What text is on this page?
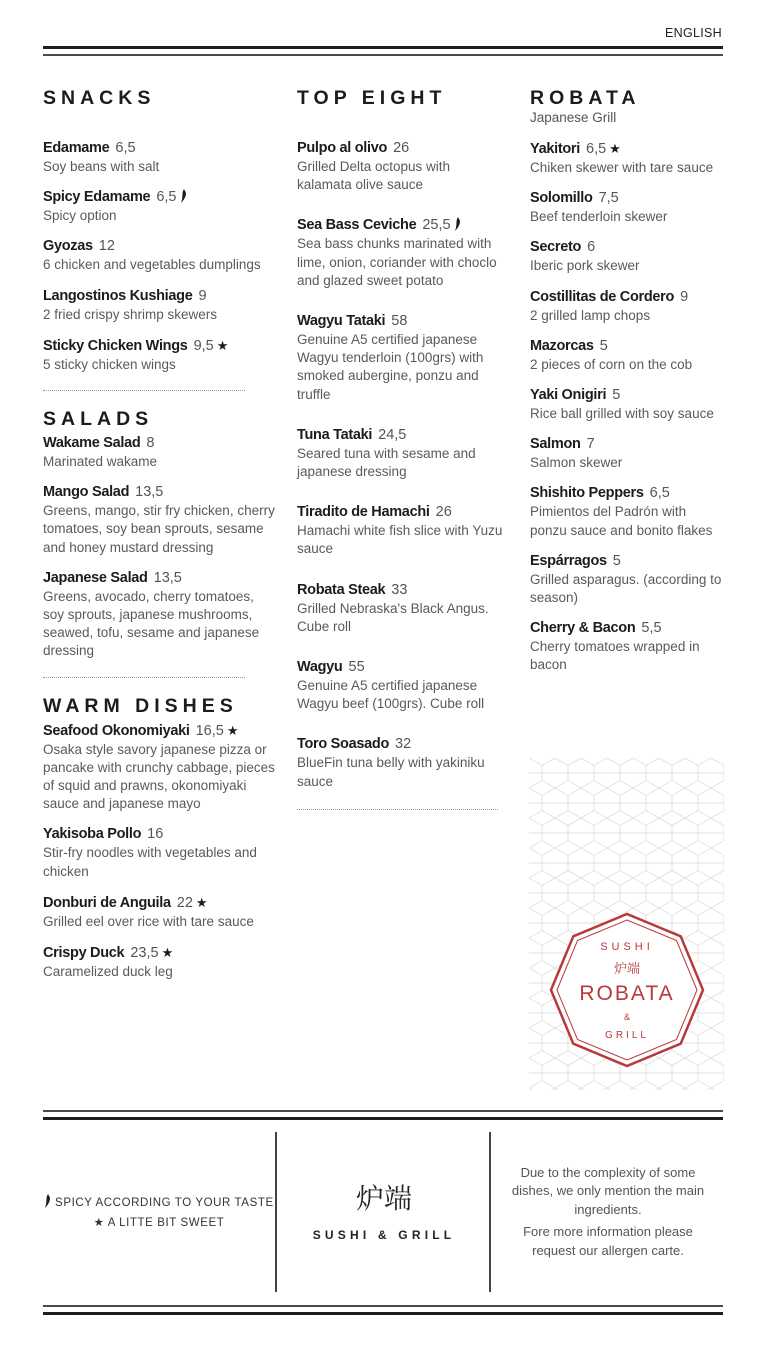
ENGLISH
SNACKS
Edamame 6,5
Soy beans with salt
Spicy Edamame 6,5
Spicy option
Gyozas 12
6 chicken and vegetables dumplings
Langostinos Kushiage 9
2 fried crispy shrimp skewers
Sticky Chicken Wings 9,5 ★
5 sticky chicken wings
SALADS
Wakame Salad 8
Marinated wakame
Mango Salad 13,5
Greens, mango, stir fry chicken, cherry tomatoes, soy bean sprouts, sesame and honey mustard dressing
Japanese Salad 13,5
Greens, avocado, cherry tomatoes, soy sprouts, japanese mushrooms, seawed, tofu, sesame and japanese dressing
WARM DISHES
Seafood Okonomiyaki 16,5 ★
Osaka style savory japanese pizza or pancake with crunchy cabbage, pieces of squid and prawns, okonomiyaki sauce and japanese mayo
Yakisoba Pollo 16
Stir-fry noodles with vegetables and chicken
Donburi de Anguila 22 ★
Grilled eel over rice with tare sauce
Crispy Duck 23,5 ★
Caramelized duck leg
TOP EIGHT
Pulpo al olivo 26
Grilled Delta octopus with kalamata olive sauce
Sea Bass Ceviche 25,5
Sea bass chunks marinated with lime, onion, coriander with choclo and glazed sweet potato
Wagyu Tataki 58
Genuine A5 certified japanese Wagyu tenderloin (100grs) with smoked aubergine, ponzu and truffle
Tuna Tataki 24,5
Seared tuna with sesame and japanese dressing
Tiradito de Hamachi 26
Hamachi white fish slice with Yuzu sauce
Robata Steak 33
Grilled Nebraska's Black Angus. Cube roll
Wagyu 55
Genuine A5 certified japanese Wagyu beef (100grs). Cube roll
Toro Soasado 32
BlueFin tuna belly with yakiniku sauce
ROBATA
Japanese Grill
Yakitori 6,5 ★
Chiken skewer with tare sauce
Solomillo 7,5
Beef tenderloin skewer
Secreto 6
Iberic pork skewer
Costillitas de Cordero 9
2 grilled lamp chops
Mazorcas 5
2 pieces of corn on the cob
Yaki Onigiri 5
Rice ball grilled with soy sauce
Salmon 7
Salmon skewer
Shishito Peppers 6,5
Pimientos del Padrón with ponzu sauce and bonito flakes
Espárragos 5
Grilled asparagus. (according to season)
Cherry & Bacon 5,5
Cherry tomatoes wrapped in bacon
SUSHI
炉端
ROBATA
&
GRILL
SPICY ACCORDING TO YOUR TASTE
★ A LITTE BIT SWEET
炉端
SUSHI & GRILL

Due to the complexity of some dishes, we only mention the main ingredients.

Fore more information please request our allergen carte.
